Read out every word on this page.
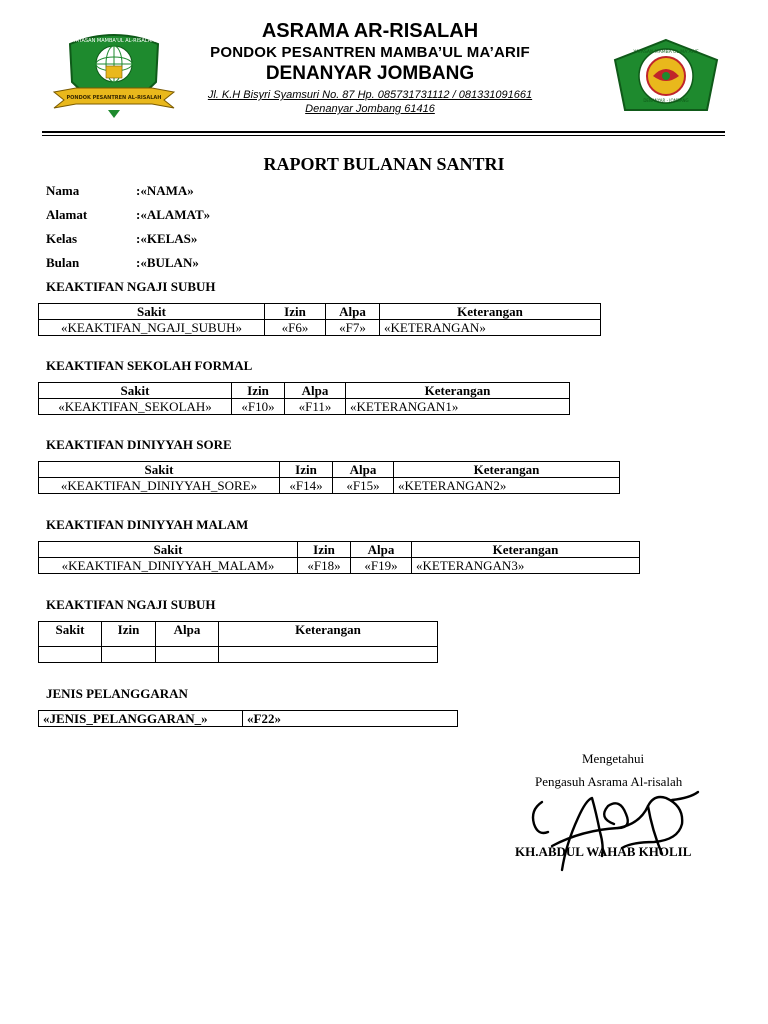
YAYASAN MAMBA'UL AL-RISALAH
PONDOK PESANTREN AL-RISALAH
ASRAMA AR-RISALAH
PONDOK PESANTREN MAMBA’UL MA’ARIF
DENANYAR JOMBANG
Jl. K.H Bisyri Syamsuri No. 87 Hp. 085731731112 / 081331091661
Denanyar Jombang 61416
YAYASAN MAMBA'UL MA'ARIF
DENANYAR - JOMBANG
RAPORT BULANAN SANTRI
Nama	:«NAMA»
Alamat	:«ALAMAT»
Kelas	:«KELAS»
Bulan	:«BULAN»
KEAKTIFAN NGAJI SUBUH
Sakit	Izin	Alpa	Keterangan
«KEAKTIFAN_NGAJI_SUBUH»	«F6»	«F7»	«KETERANGAN»
KEAKTIFAN SEKOLAH FORMAL
Sakit	Izin	Alpa	Keterangan
«KEAKTIFAN_SEKOLAH»	«F10»	«F11»	«KETERANGAN1»
KEAKTIFAN DINIYYAH SORE
Sakit	Izin	Alpa	Keterangan
«KEAKTIFAN_DINIYYAH_SORE»	«F14»	«F15»	«KETERANGAN2»
KEAKTIFAN DINIYYAH MALAM
Sakit	Izin	Alpa	Keterangan
«KEAKTIFAN_DINIYYAH_MALAM»	«F18»	«F19»	«KETERANGAN3»
KEAKTIFAN NGAJI SUBUH
Sakit	Izin	Alpa	Keterangan

JENIS PELANGGARAN
«JENIS_PELANGGARAN_»	«F22»
Mengetahui
Pengasuh Asrama Al-risalah
KH.ABDUL WAHAB KHOLIL
